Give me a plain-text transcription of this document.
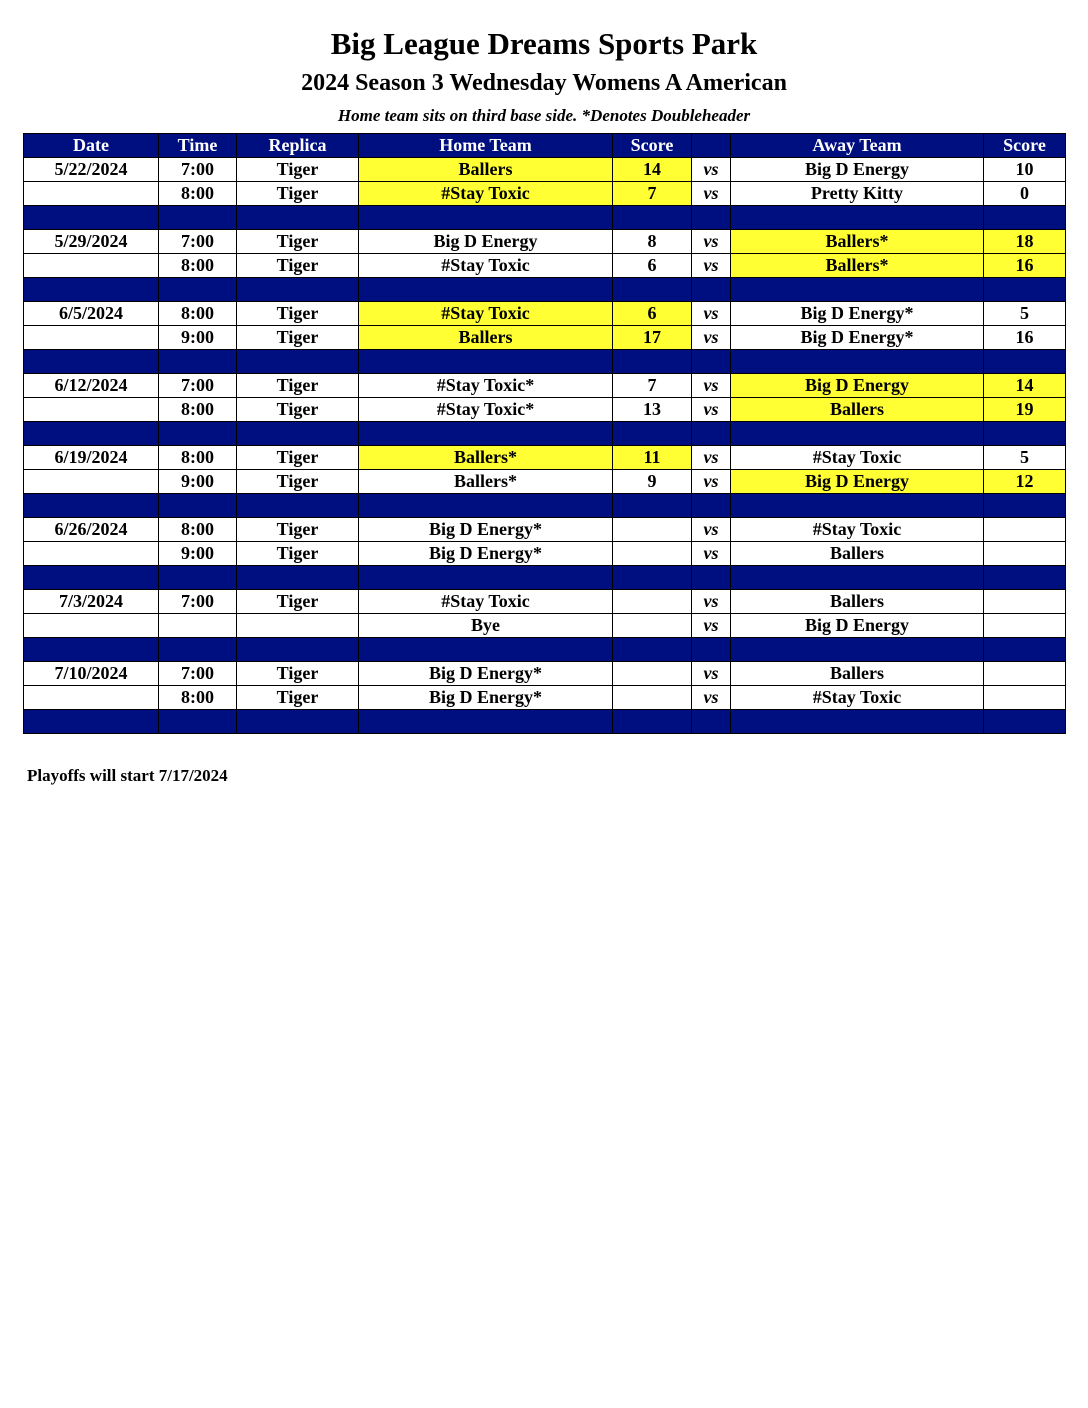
Big League Dreams Sports Park
2024 Season 3 Wednesday Womens A American
Home team sits on third base side. *Denotes Doubleheader
Date	Time	Replica	Home Team	Score		Away Team	Score
5/22/2024	7:00	Tiger	Ballers	14	vs	Big D Energy	10
	8:00	Tiger	#Stay Toxic	7	vs	Pretty Kitty	0

5/29/2024	7:00	Tiger	Big D Energy	8	vs	Ballers*	18
	8:00	Tiger	#Stay Toxic	6	vs	Ballers*	16

6/5/2024	8:00	Tiger	#Stay Toxic	6	vs	Big D Energy*	5
	9:00	Tiger	Ballers	17	vs	Big D Energy*	16

6/12/2024	7:00	Tiger	#Stay Toxic*	7	vs	Big D Energy	14
	8:00	Tiger	#Stay Toxic*	13	vs	Ballers	19

6/19/2024	8:00	Tiger	Ballers*	11	vs	#Stay Toxic	5
	9:00	Tiger	Ballers*	9	vs	Big D Energy	12

6/26/2024	8:00	Tiger	Big D Energy*		vs	#Stay Toxic	
	9:00	Tiger	Big D Energy*		vs	Ballers	

7/3/2024	7:00	Tiger	#Stay Toxic		vs	Ballers	
			Bye		vs	Big D Energy	

7/10/2024	7:00	Tiger	Big D Energy*		vs	Ballers	
	8:00	Tiger	Big D Energy*		vs	#Stay Toxic	

Playoffs will start 7/17/2024
